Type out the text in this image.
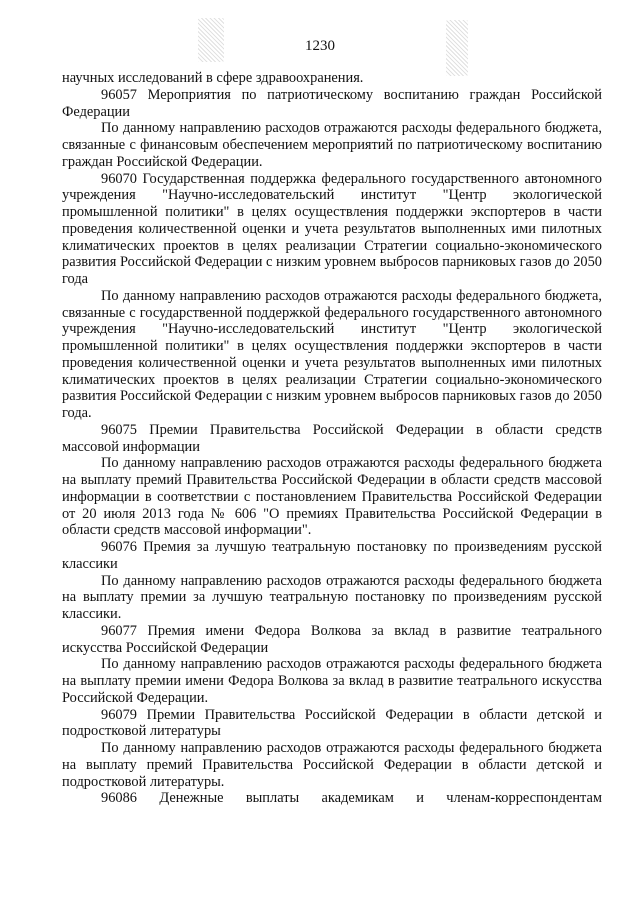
1230

научных исследований в сфере здравоохранения.

96057 Мероприятия по патриотическому воспитанию граждан Российской Федерации

По данному направлению расходов отражаются расходы федерального бюджета, связанные с финансовым обеспечением мероприятий по патриотическому воспитанию граждан Российской Федерации.

96070 Государственная поддержка федерального государственного автономного учреждения "Научно-исследовательский институт "Центр экологической промышленной политики" в целях осуществления поддержки экспортеров в части проведения количественной оценки и учета результатов выполненных ими пилотных климатических проектов в целях реализации Стратегии социально-экономического развития Российской Федерации с низким уровнем выбросов парниковых газов до 2050 года

По данному направлению расходов отражаются расходы федерального бюджета, связанные с государственной поддержкой федерального государственного автономного учреждения "Научно-исследовательский институт "Центр экологической промышленной политики" в целях осуществления поддержки экспортеров в части проведения количественной оценки и учета результатов выполненных ими пилотных климатических проектов в целях реализации Стратегии социально-экономического развития Российской Федерации с низким уровнем выбросов парниковых газов до 2050 года.

96075 Премии Правительства Российской Федерации в области средств массовой информации

По данному направлению расходов отражаются расходы федерального бюджета на выплату премий Правительства Российской Федерации в области средств массовой информации в соответствии с постановлением Правительства Российской Федерации от 20 июля 2013 года № 606 "О премиях Правительства Российской Федерации в области средств массовой информации".

96076 Премия за лучшую театральную постановку по произведениям русской классики

По данному направлению расходов отражаются расходы федерального бюджета на выплату премии за лучшую театральную постановку по произведениям русской классики.

96077 Премия имени Федора Волкова за вклад в развитие театрального искусства Российской Федерации

По данному направлению расходов отражаются расходы федерального бюджета на выплату премии имени Федора Волкова за вклад в развитие театрального искусства Российской Федерации.

96079 Премии Правительства Российской Федерации в области детской и подростковой литературы

По данному направлению расходов отражаются расходы федерального бюджета на выплату премий Правительства Российской Федерации в области детской и подростковой литературы.

96086 Денежные выплаты академикам и членам-корреспондентам
